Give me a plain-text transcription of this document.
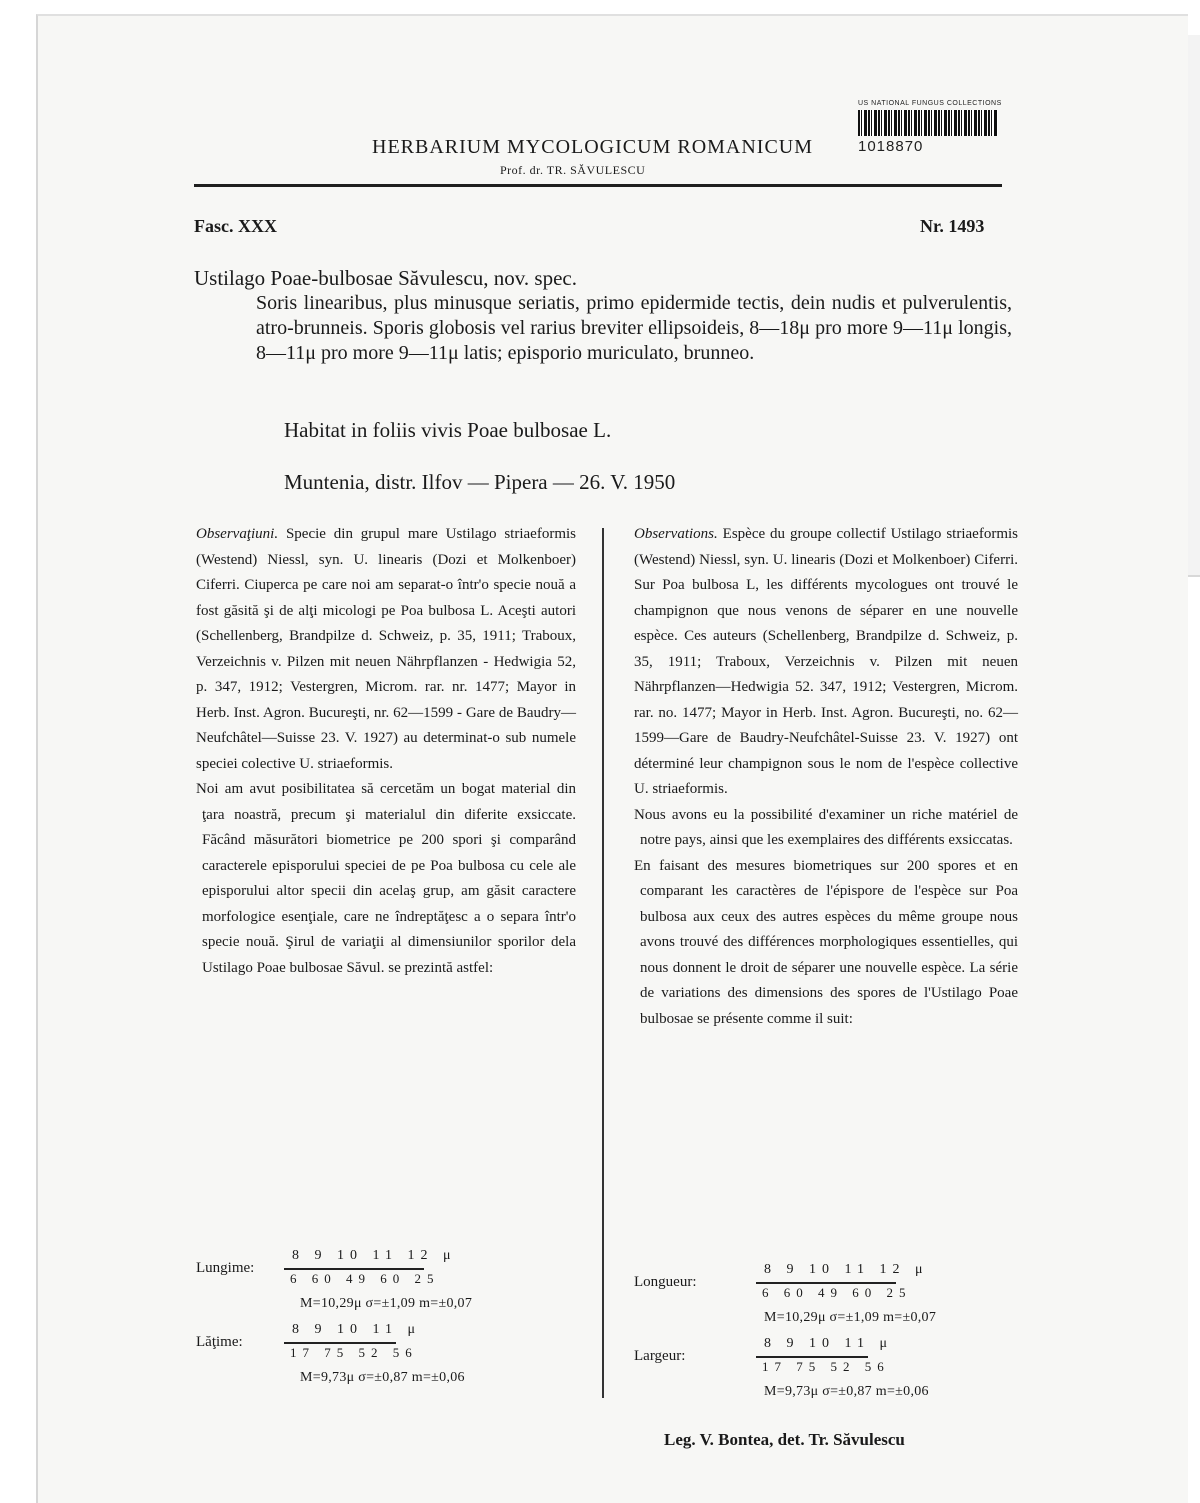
US NATIONAL FUNGUS COLLECTIONS
1018870
HERBARIUM MYCOLOGICUM ROMANICUM
Prof. dr. TR. SĂVULESCU
Fasc. XXX	Nr. 1493
Ustilago Poae-bulbosae Săvulescu, nov. spec.
Soris linearibus, plus minusque seriatis, primo epidermide tectis, dein nudis et pulverulentis, atro-brunneis. Sporis globosis vel rarius breviter ellipsoideis, 8—18μ pro more 9—11μ longis, 8—11μ pro more 9—11μ latis; episporio muriculato, brunneo.
Habitat in foliis vivis Poae bulbosae L.
Muntenia, distr. Ilfov — Pipera — 26. V. 1950

Observaţiuni. Specie din grupul mare Ustilago striaeformis (Westend) Niessl, syn. U. linearis (Dozi et Molkenboer) Ciferri. Ciuperca pe care noi am separat-o într'o specie nouă a fost găsită şi de alţi micologi pe Poa bulbosa L. Aceşti autori (Schellenberg, Brandpilze d. Schweiz, p. 35, 1911; Traboux, Verzeichnis v. Pilzen mit neuen Nährpflanzen - Hedwigia 52, p. 347, 1912; Vestergren, Microm. rar. nr. 1477; Mayor in Herb. Inst. Agron. Bucureşti, nr. 62—1599 - Gare de Baudry—Neufchâtel—Suisse 23. V. 1927) au determinat-o sub numele speciei colective U. striaeformis.

Noi am avut posibilitatea să cercetăm un bogat material din ţara noastră, precum şi materialul din diferite exsiccate. Făcând măsurători biometrice pe 200 spori şi comparând caracterele episporului speciei de pe Poa bulbosa cu cele ale episporului altor specii din acelaş grup, am găsit caractere morfologice esenţiale, care ne îndreptăţesc a o separa într'o specie nouă. Şirul de variaţii al dimensiunilor sporilor dela Ustilago Poae bulbosae Săvul. se prezintă astfel:

Lungime:
8 9 10 11 12 μ
6 60 49 60 25
M=10,29μ σ=±1,09 m=±0,07
Lăţime:
8 9 10 11 μ
17 75 52 56
M=9,73μ σ=±0,87 m=±0,06

Observations. Espèce du groupe collectif Ustilago striaeformis (Westend) Niessl, syn. U. linearis (Dozi et Molkenboer) Ciferri. Sur Poa bulbosa L, les différents mycologues ont trouvé le champignon que nous venons de séparer en une nouvelle espèce. Ces auteurs (Schellenberg, Brandpilze d. Schweiz, p. 35, 1911; Traboux, Verzeichnis v. Pilzen mit neuen Nährpflanzen—Hedwigia 52. 347, 1912; Vestergren, Microm. rar. no. 1477; Mayor in Herb. Inst. Agron. Bucureşti, no. 62—1599—Gare de Baudry-Neufchâtel-Suisse 23. V. 1927) ont déterminé leur champignon sous le nom de l'espèce collective U. striaeformis.

Nous avons eu la possibilité d'examiner un riche matériel de notre pays, ainsi que les exemplaires des différents exsiccatas.

En faisant des mesures biometriques sur 200 spores et en comparant les caractères de l'épispore de l'espèce sur Poa bulbosa aux ceux des autres espèces du même groupe nous avons trouvé des différences morphologiques essentielles, qui nous donnent le droit de séparer une nouvelle espèce. La série de variations des dimensions des spores de l'Ustilago Poae bulbosae se présente comme il suit:

Longueur:
8 9 10 11 12 μ
6 60 49 60 25
M=10,29μ σ=±1,09 m=±0,07
Largeur:
8 9 10 11 μ
17 75 52 56
M=9,73μ σ=±0,87 m=±0,06
Leg. V. Bontea, det. Tr. Săvulescu
